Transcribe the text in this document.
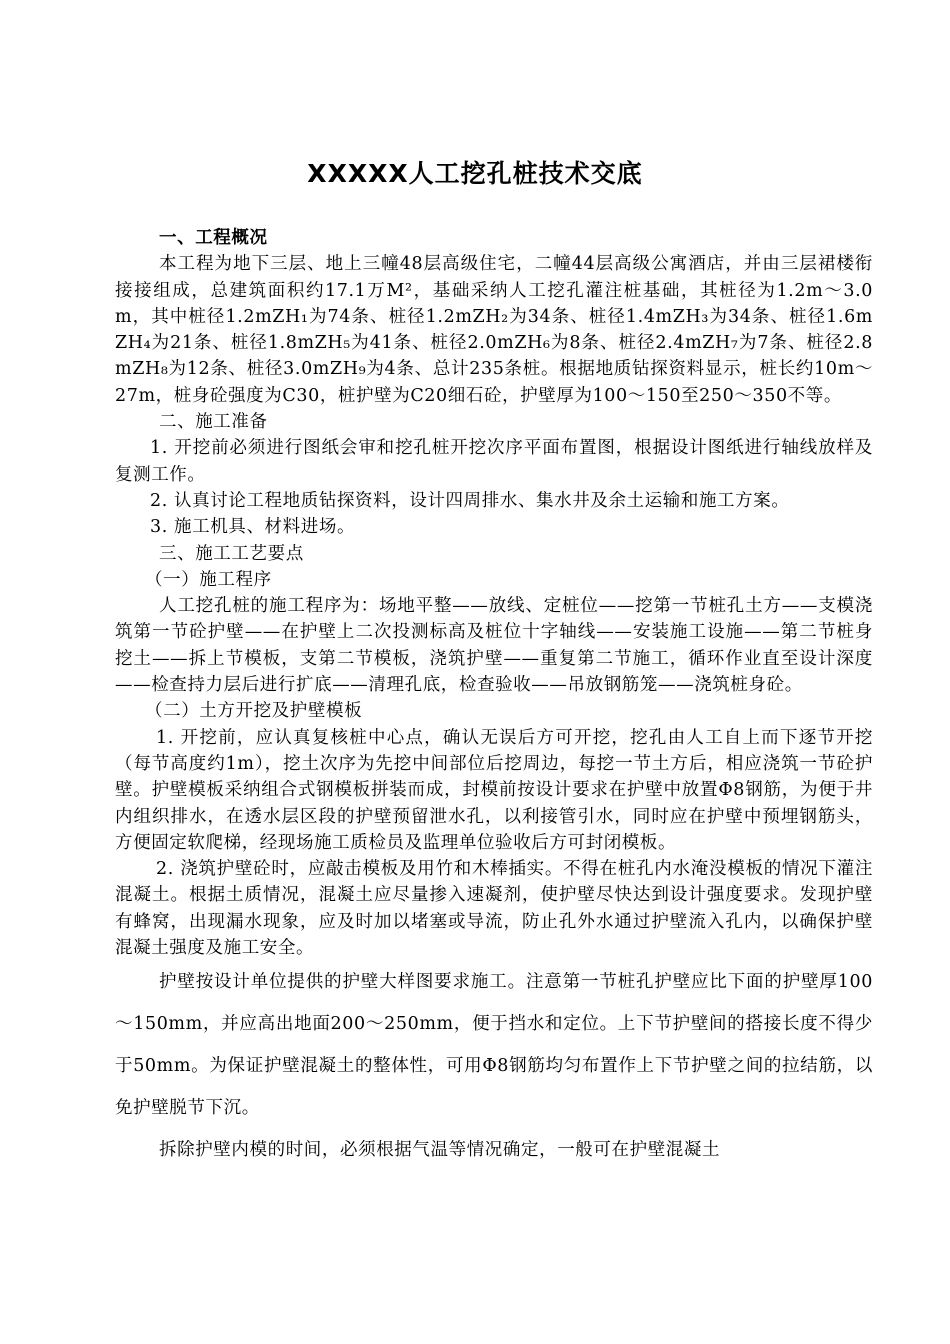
XXXXX人工挖孔桩技术交底

一、工程概况

本工程为地下三层、地上三幢48层高级住宅，二幢44层高级公寓酒店，并由三层裙楼衔接接组成，总建筑面积约17.1万M²，基础采纳人工挖孔灌注桩基础，其桩径为1.2m～3.0m，其中桩径1.2mZH₁为74条、桩径1.2mZH₂为34条、桩径1.4mZH₃为34条、桩径1.6mZH₄为21条、桩径1.8mZH₅为41条、桩径2.0mZH₆为8条、桩径2.4mZH₇为7条、桩径2.8mZH₈为12条、桩径3.0mZH₉为4条、总计235条桩。根据地质钻探资料显示，桩长约10m～27m，桩身砼强度为C30，桩护壁为C20细石砼，护壁厚为100～150至250～350不等。

二、施工准备

1. 开挖前必须进行图纸会审和挖孔桩开挖次序平面布置图，根据设计图纸进行轴线放样及复测工作。

2. 认真讨论工程地质钻探资料，设计四周排水、集水井及余土运输和施工方案。

3. 施工机具、材料进场。

三、施工工艺要点

（一）施工程序

人工挖孔桩的施工程序为：场地平整——放线、定桩位——挖第一节桩孔土方——支模浇筑第一节砼护壁——在护壁上二次投测标高及桩位十字轴线——安装施工设施——第二节桩身挖土——拆上节模板，支第二节模板，浇筑护壁——重复第二节施工，循环作业直至设计深度——检查持力层后进行扩底——清理孔底，检查验收——吊放钢筋笼——浇筑桩身砼。

（二）土方开挖及护壁模板

1. 开挖前，应认真复核桩中心点，确认无误后方可开挖，挖孔由人工自上而下逐节开挖（每节高度约1m），挖土次序为先挖中间部位后挖周边，每挖一节土方后，相应浇筑一节砼护壁。护壁模板采纳组合式钢模板拼装而成，封模前按设计要求在护壁中放置Φ8钢筋，为便于井内组织排水，在透水层区段的护壁预留泄水孔，以利接管引水，同时应在护壁中预埋钢筋头，方便固定软爬梯，经现场施工质检员及监理单位验收后方可封闭模板。

2. 浇筑护壁砼时，应敲击模板及用竹和木棒插实。不得在桩孔内水淹没模板的情况下灌注混凝土。根据土质情况，混凝土应尽量掺入速凝剂，使护壁尽快达到设计强度要求。发现护壁有蜂窝，出现漏水现象，应及时加以堵塞或导流，防止孔外水通过护壁流入孔内，以确保护壁混凝土强度及施工安全。

护壁按设计单位提供的护壁大样图要求施工。注意第一节桩孔护壁应比下面的护壁厚100～150mm，并应高出地面200～250mm，便于挡水和定位。上下节护壁间的搭接长度不得少于50mm。为保证护壁混凝土的整体性，可用Φ8钢筋均匀布置作上下节护壁之间的拉结筋，以免护壁脱节下沉。

拆除护壁内模的时间，必须根据气温等情况确定，一般可在护壁混凝土
